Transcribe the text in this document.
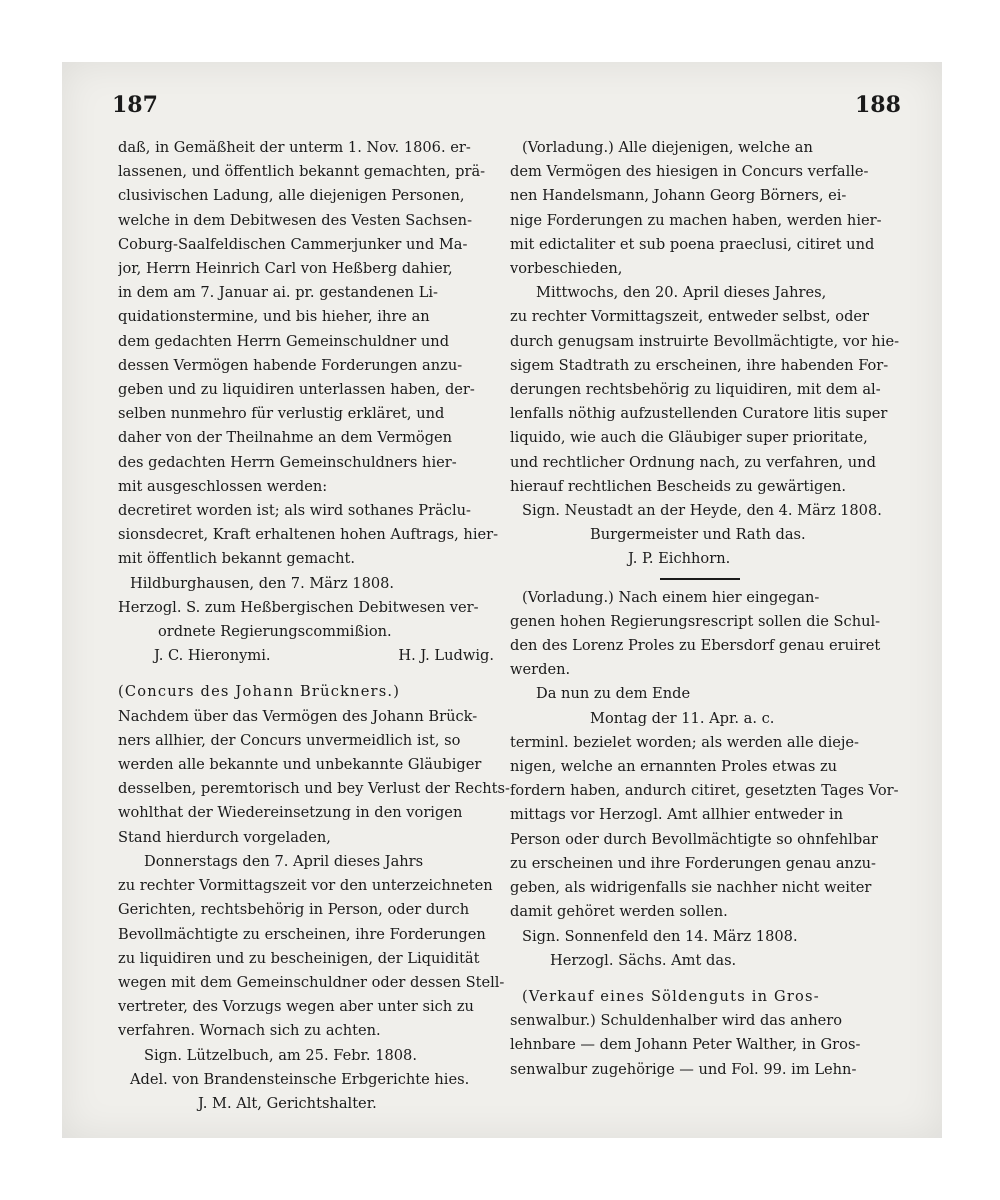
187	188

daß, in Gemäßheit der unterm 1. Nov. 1806. er-
lassenen, und öffentlich bekannt gemachten, prä-
clusivischen Ladung, alle diejenigen Personen,
welche in dem Debitwesen des Vesten Sachsen-
Coburg-Saalfeldischen Cammerjunker und Ma-
jor, Herrn Heinrich Carl von Heßberg dahier,
in dem am 7. Januar ai. pr. gestandenen Li-
quidationstermine, und bis hieher, ihre an
dem gedachten Herrn Gemeinschuldner und
dessen Vermögen habende Forderungen anzu-
geben und zu liquidiren unterlassen haben, der-
selben nunmehro für verlustig erkläret, und
daher von der Theilnahme an dem Vermögen
des gedachten Herrn Gemeinschuldners hier-
mit ausgeschlossen werden:
decretiret worden ist; als wird sothanes Präclu-
sionsdecret, Kraft erhaltenen hohen Auftrags, hier-
mit öffentlich bekannt gemacht.

Hildburghausen, den 7. März 1808.
Herzogl. S. zum Heßbergischen Debitwesen ver-
ordnete Regierungscommißion.
J. C. Hieronymi.	H. J. Ludwig.
(Concurs des Johann Brückners.)

Nachdem über das Vermögen des Johann Brück-
ners allhier, der Concurs unvermeidlich ist, so
werden alle bekannte und unbekannte Gläubiger
desselben, peremtorisch und bey Verlust der Rechts-
wohlthat der Wiedereinsetzung in den vorigen
Stand hierdurch vorgeladen,

Donnerstags den 7. April dieses Jahrs

zu rechter Vormittagszeit vor den unterzeichneten
Gerichten, rechtsbehörig in Person, oder durch
Bevollmächtigte zu erscheinen, ihre Forderungen
zu liquidiren und zu bescheinigen, der Liquidität
wegen mit dem Gemeinschuldner oder dessen Stell-
vertreter, des Vorzugs wegen aber unter sich zu
verfahren. Wornach sich zu achten.

Sign. Lützelbuch, am 25. Febr. 1808.
Adel. von Brandensteinsche Erbgerichte hies.
J. M. Alt, Gerichtshalter.

(Vorladung.) Alle diejenigen, welche an
dem Vermögen des hiesigen in Concurs verfalle-
nen Handelsmann, Johann Georg Börners, ei-
nige Forderungen zu machen haben, werden hier-
mit edictaliter et sub poena praeclusi, citiret und
vorbeschieden,

Mittwochs, den 20. April dieses Jahres,

zu rechter Vormittagszeit, entweder selbst, oder
durch genugsam instruirte Bevollmächtigte, vor hie-
sigem Stadtrath zu erscheinen, ihre habenden For-
derungen rechtsbehörig zu liquidiren, mit dem al-
lenfalls nöthig aufzustellenden Curatore litis super
liquido, wie auch die Gläubiger super prioritate,
und rechtlicher Ordnung nach, zu verfahren, und
hierauf rechtlichen Bescheids zu gewärtigen.

Sign. Neustadt an der Heyde, den 4. März 1808.
Burgermeister und Rath das.
J. P. Eichhorn.

(Vorladung.) Nach einem hier eingegan-
genen hohen Regierungsrescript sollen die Schul-
den des Lorenz Proles zu Ebersdorf genau eruiret
werden.

Da nun zu dem Ende
Montag der 11. Apr. a. c.

terminl. bezielet worden; als werden alle dieje-
nigen, welche an ernannten Proles etwas zu
fordern haben, andurch citiret, gesetzten Tages Vor-
mittags vor Herzogl. Amt allhier entweder in
Person oder durch Bevollmächtigte so ohnfehlbar
zu erscheinen und ihre Forderungen genau anzu-
geben, als widrigenfalls sie nachher nicht weiter
damit gehöret werden sollen.

Sign. Sonnenfeld den 14. März 1808.
Herzogl. Sächs. Amt das.

(Verkauf eines Söldenguts in Gros-
senwalbur.) Schuldenhalber wird das anhero
lehnbare — dem Johann Peter Walther, in Gros-
senwalbur zugehörige — und Fol. 99. im Lehn-
